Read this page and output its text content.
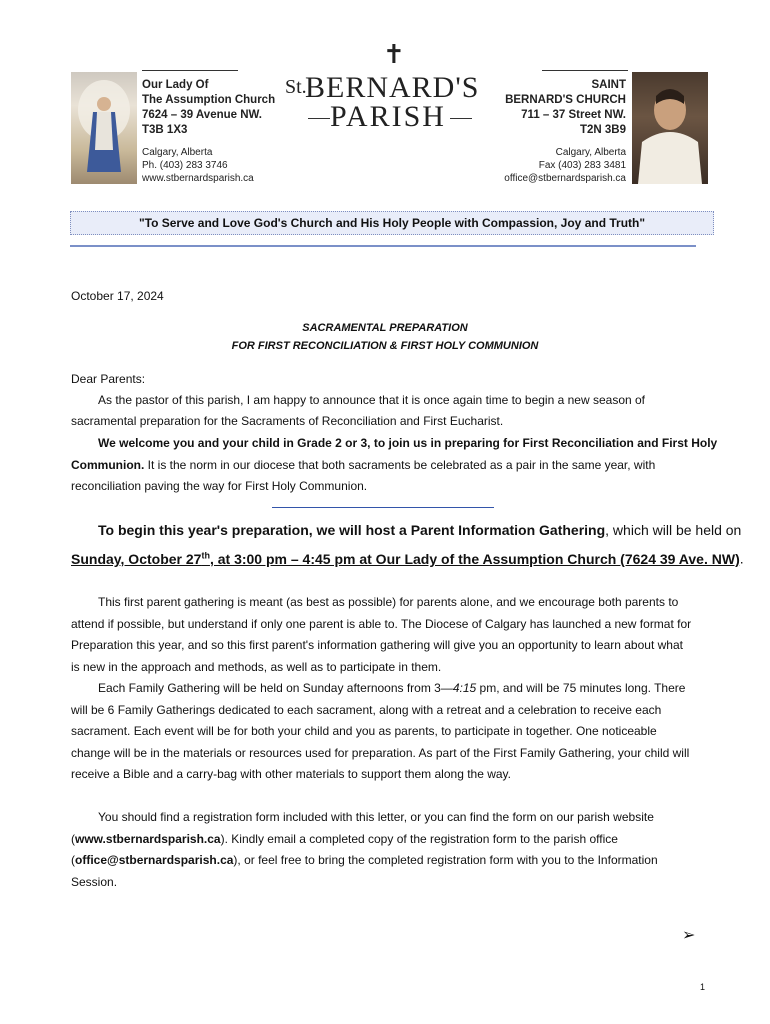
Our Lady Of
The Assumption Church
7624 – 39 Avenue NW.
T3B 1X3
Calgary, Alberta
Ph. (403) 283 3746
www.stbernardsparish.ca
✝
St.
BERNARD'S
PARISH
SAINT
BERNARD'S CHURCH
711 – 37 Street NW.
T2N 3B9
Calgary, Alberta
Fax (403) 283 3481
office@stbernardsparish.ca
"To Serve and Love God's Church and His Holy People with Compassion, Joy and Truth"
October 17, 2024
SACRAMENTAL PREPARATION
FOR FIRST RECONCILIATION & FIRST HOLY COMMUNION
Dear Parents:
As the pastor of this parish, I am happy to announce that it is once again time to begin a new season of
sacramental preparation for the Sacraments of Reconciliation and First Eucharist.
We welcome you and your child in Grade 2 or 3, to join us in preparing for First Reconciliation and First Holy
Communion. It is the norm in our diocese that both sacraments be celebrated as a pair in the same year, with
reconciliation paving the way for First Holy Communion.
To begin this year's preparation, we will host a Parent Information Gathering, which will be held on
Sunday, October 27th, at 3:00 pm – 4:45 pm at Our Lady of the Assumption Church (7624 39 Ave. NW).
This first parent gathering is meant (as best as possible) for parents alone, and we encourage both parents to
attend if possible, but understand if only one parent is able to. The Diocese of Calgary has launched a new format for
Preparation this year, and so this first parent's information gathering will give you an opportunity to learn about what
is new in the approach and methods, as well as to participate in them.
Each Family Gathering will be held on Sunday afternoons from 3—4:15 pm, and will be 75 minutes long. There
will be 6 Family Gatherings dedicated to each sacrament, along with a retreat and a celebration to receive each
sacrament. Each event will be for both your child and you as parents, to participate in together. One noticeable
change will be in the materials or resources used for preparation. As part of the First Family Gathering, your child will
receive a Bible and a carry-bag with other materials to support them along the way.
You should find a registration form included with this letter, or you can find the form on our parish website
(www.stbernardsparish.ca). Kindly email a completed copy of the registration form to the parish office
(office@stbernardsparish.ca), or feel free to bring the completed registration form with you to the Information
Session.
➢
1
